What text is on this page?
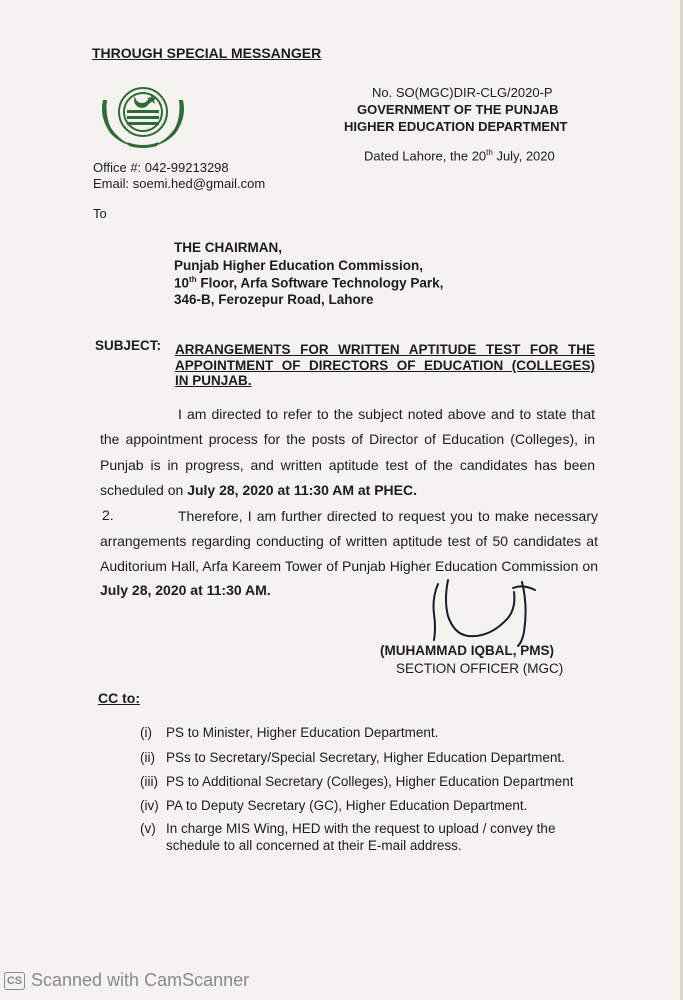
THROUGH SPECIAL MESSANGER
No. SO(MGC)DIR-CLG/2020-P
GOVERNMENT OF THE PUNJAB
HIGHER EDUCATION DEPARTMENT
Dated Lahore, the 20th July, 2020
Office #: 042-99213298
Email: soemi.hed@gmail.com
To
THE CHAIRMAN,
Punjab Higher Education Commission,
10th Floor, Arfa Software Technology Park,
346-B, Ferozepur Road, Lahore
SUBJECT: ARRANGEMENTS FOR WRITTEN APTITUDE TEST FOR THE
APPOINTMENT OF DIRECTORS OF EDUCATION (COLLEGES)
IN PUNJAB.
I am directed to refer to the subject noted above and to state that
the appointment process for the posts of Director of Education (Colleges), in
Punjab is in progress, and written aptitude test of the candidates has been
scheduled on July 28, 2020 at 11:30 AM at PHEC.
2.	Therefore, I am further directed to request you to make necessary
arrangements regarding conducting of written aptitude test of 50 candidates at
Auditorium Hall, Arfa Kareem Tower of Punjab Higher Education Commission on
July 28, 2020 at 11:30 AM.
(MUHAMMAD IQBAL, PMS)
SECTION OFFICER (MGC)
CC to:
(i) PS to Minister, Higher Education Department.
(ii) PSs to Secretary/Special Secretary, Higher Education Department.
(iii) PS to Additional Secretary (Colleges), Higher Education Department
(iv) PA to Deputy Secretary (GC), Higher Education Department.
(v) In charge MIS Wing, HED with the request to upload / convey the
schedule to all concerned at their E-mail address.
CS Scanned with CamScanner
